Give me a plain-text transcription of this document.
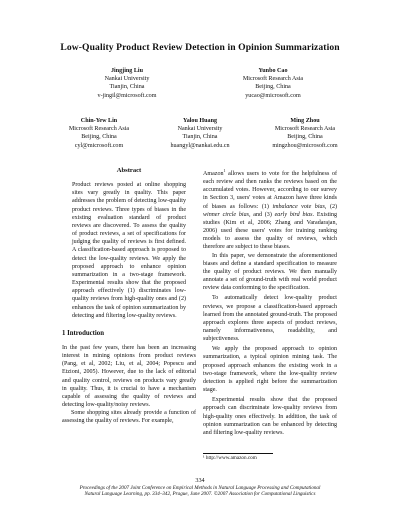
Low-Quality Product Review Detection in Opinion Summarization
Jingjing Liu
Nankai University
Tianjin, China
v-jingil@microsoft.com
Yunbo Cao
Microsoft Research Asia
Beijing, China
yucao@microsoft.com
Chin-Yew Lin
Microsoft Research Asia
Beijing, China
cyl@microsoft.com
Yalou Huang
Nankai University
Tianjin, China
huangyl@nankai.edu.cn
Ming Zhou
Microsoft Research Asia
Beijing, China
mingzhou@microsoft.com
Abstract

Product reviews posted at online shopping sites vary greatly in quality. This paper addresses the problem of detecting low-quality product reviews. Three types of biases in the existing evaluation standard of product reviews are discovered. To assess the quality of product reviews, a set of specifications for judging the quality of reviews is first defined. A classification-based approach is proposed to detect the low-quality reviews. We apply the proposed approach to enhance opinion summarization in a two-stage framework. Experimental results show that the proposed approach effectively (1) discriminates low-quality reviews from high-quality ones and (2) enhances the task of opinion summarization by detecting and filtering low-quality reviews.

1 Introduction

In the past few years, there has been an increasing interest in mining opinions from product reviews (Pang, et al, 2002; Liu, et al, 2004; Popescu and Etzioni, 2005). However, due to the lack of editorial and quality control, reviews on products vary greatly in quality. Thus, it is crucial to have a mechanism capable of assessing the quality of reviews and detecting low-quality/noisy reviews.

Some shopping sites already provide a function of assessing the quality of reviews. For example,

Amazon$^1$ allows users to vote for the helpfulness of each review and then ranks the reviews based on the accumulated votes. However, according to our survey in Section 3, users' votes at Amazon have three kinds of biases as follows: (1) imbalance vote bias, (2) winner circle bias, and (3) early bird bias. Existing studies (Kim et al, 2006; Zhang and Varadarajan, 2006) used these users' votes for training ranking models to assess the quality of reviews, which therefore are subject to these biases.

In this paper, we demonstrate the aforementioned biases and define a standard specification to measure the quality of product reviews. We then manually annotate a set of ground-truth with real world product review data conforming to the specification.

To automatically detect low-quality product reviews, we propose a classification-based approach learned from the annotated ground-truth. The proposed approach explores three aspects of product reviews, namely informativeness, readability, and subjectiveness.

We apply the proposed approach to opinion summarization, a typical opinion mining task. The proposed approach enhances the existing work in a two-stage framework, where the low-quality review detection is applied right before the summarization stage.

Experimental results show that the proposed approach can discriminate low-quality reviews from high-quality ones effectively. In addition, the task of opinion summarization can be enhanced by detecting and filtering low-quality reviews.

¹ http://www.amazon.com
334
Proceedings of the 2007 Joint Conference on Empirical Methods in Natural Language Processing and Computational
Natural Language Learning, pp. 334–342, Prague, June 2007. ©2007 Association for Computational Linguistics
